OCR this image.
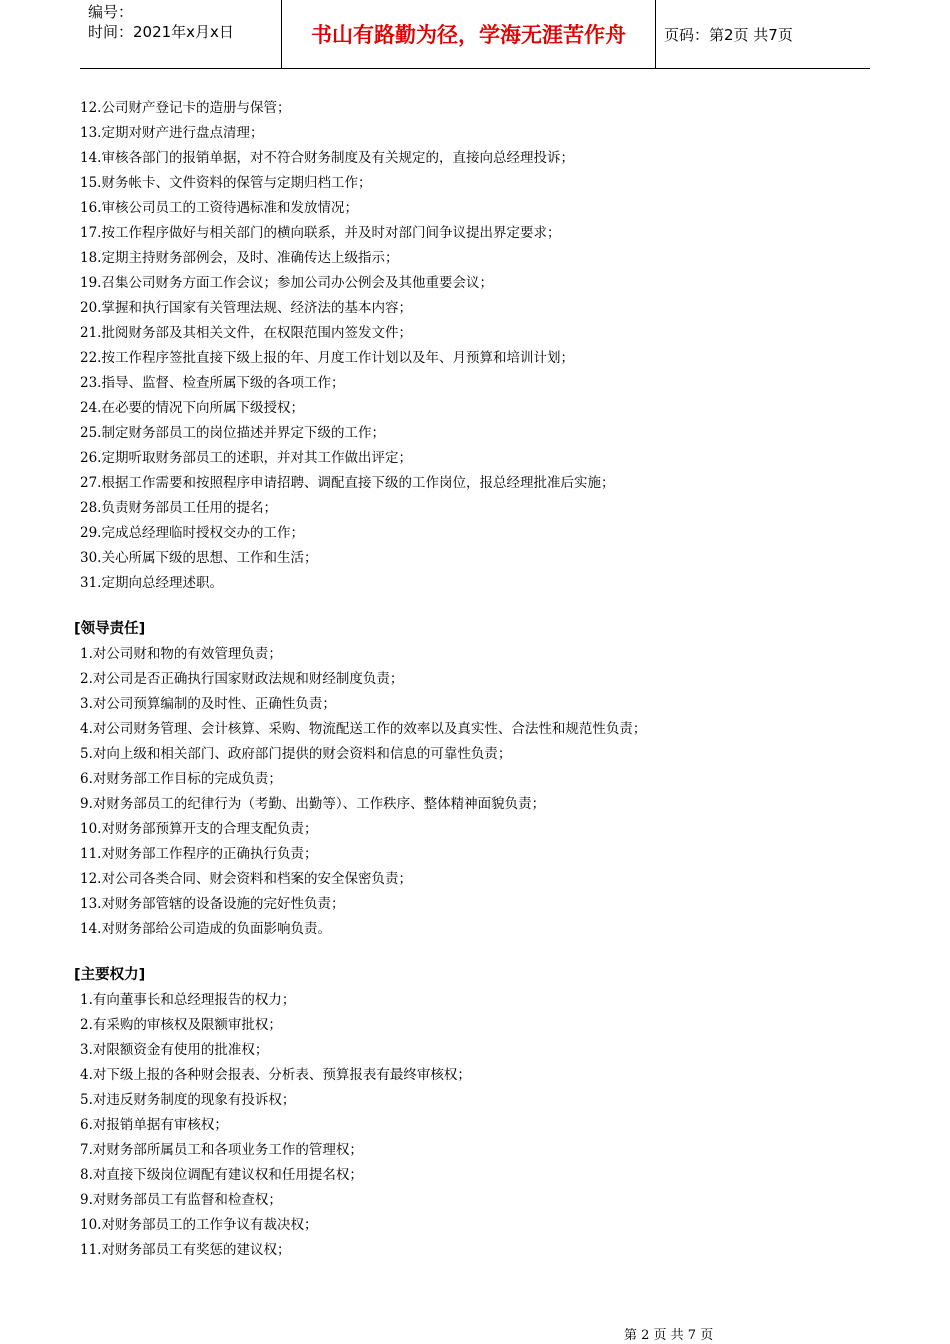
编号：
时间：2021年x月x日	书山有路勤为径，学海无涯苦作舟	页码：第2页 共7页
12.公司财产登记卡的造册与保管；
13.定期对财产进行盘点清理；
14.审核各部门的报销单据，对不符合财务制度及有关规定的，直接向总经理投诉；
15.财务帐卡、文件资料的保管与定期归档工作；
16.审核公司员工的工资待遇标准和发放情况；
17.按工作程序做好与相关部门的横向联系，并及时对部门间争议提出界定要求；
18.定期主持财务部例会，及时、准确传达上级指示；
19.召集公司财务方面工作会议；参加公司办公例会及其他重要会议；
20.掌握和执行国家有关管理法规、经济法的基本内容；
21.批阅财务部及其相关文件，在权限范围内签发文件；
22.按工作程序签批直接下级上报的年、月度工作计划以及年、月预算和培训计划；
23.指导、监督、检查所属下级的各项工作；
24.在必要的情况下向所属下级授权；
25.制定财务部员工的岗位描述并界定下级的工作；
26.定期听取财务部员工的述职，并对其工作做出评定；
27.根据工作需要和按照程序申请招聘、调配直接下级的工作岗位，报总经理批准后实施；
28.负责财务部员工任用的提名；
29.完成总经理临时授权交办的工作；
30.关心所属下级的思想、工作和生活；
31.定期向总经理述职。
[领导责任]
1.对公司财和物的有效管理负责；
2.对公司是否正确执行国家财政法规和财经制度负责；
3.对公司预算编制的及时性、正确性负责；
4.对公司财务管理、会计核算、采购、物流配送工作的效率以及真实性、合法性和规范性负责；
5.对向上级和相关部门、政府部门提供的财会资料和信息的可靠性负责；
6.对财务部工作目标的完成负责；
9.对财务部员工的纪律行为（考勤、出勤等）、工作秩序、整体精神面貌负责；
10.对财务部预算开支的合理支配负责；
11.对财务部工作程序的正确执行负责；
12.对公司各类合同、财会资料和档案的安全保密负责；
13.对财务部管辖的设备设施的完好性负责；
14.对财务部给公司造成的负面影响负责。
[主要权力]
1.有向董事长和总经理报告的权力；
2.有采购的审核权及限额审批权；
3.对限额资金有使用的批准权；
4.对下级上报的各种财会报表、分析表、预算报表有最终审核权；
5.对违反财务制度的现象有投诉权；
6.对报销单据有审核权；
7.对财务部所属员工和各项业务工作的管理权；
8.对直接下级岗位调配有建议权和任用提名权；
9.对财务部员工有监督和检查权；
10.对财务部员工的工作争议有裁决权；
11.对财务部员工有奖惩的建议权；
第 2 页 共 7 页
